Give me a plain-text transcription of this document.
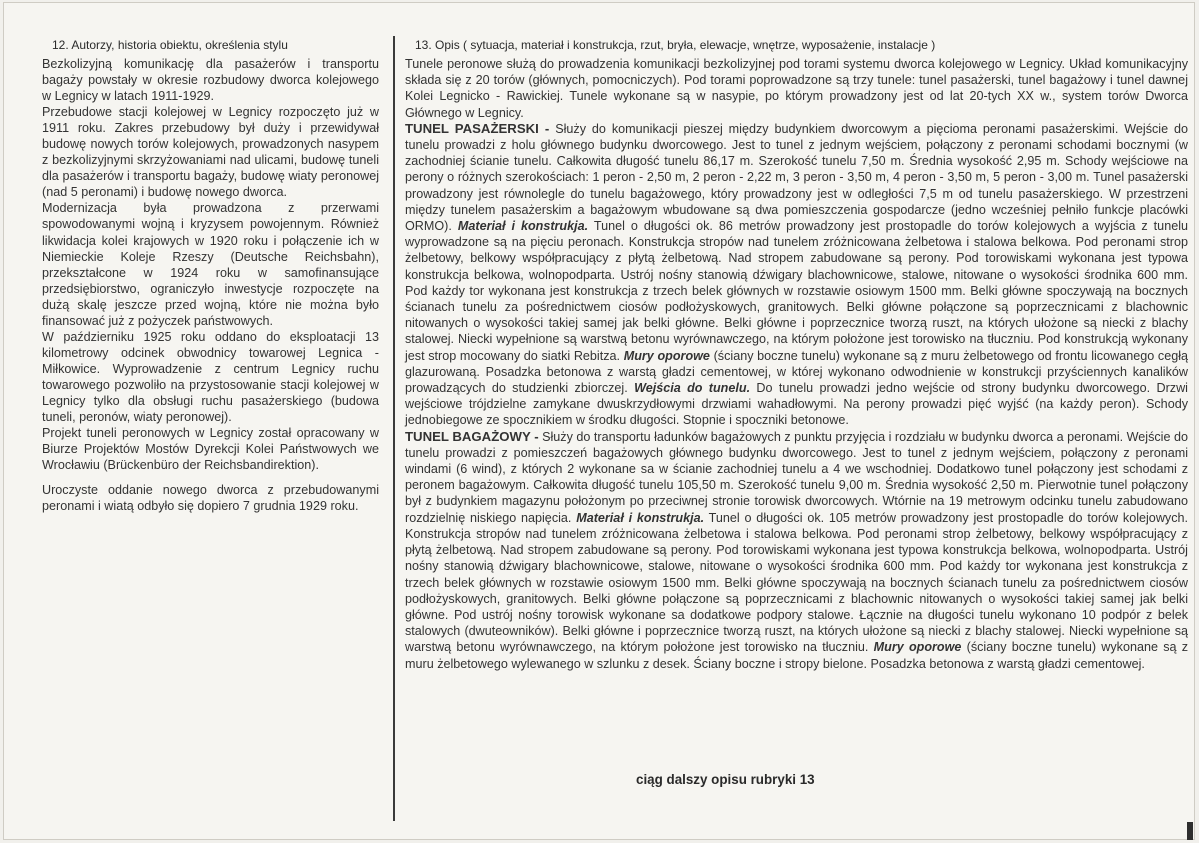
12. Autorzy, historia obiektu, określenia stylu

Bezkolizyjną komunikację dla pasażerów i transportu bagaży powstały w okresie rozbudowy dworca kolejowego w Legnicy w latach 1911-1929.

Przebudowe stacji kolejowej w Legnicy rozpoczęto już w 1911 roku. Zakres przebudowy był duży i przewidywał budowę nowych torów kolejowych, prowadzonych nasypem z bezkolizyjnymi skrzyżowaniami nad ulicami, budowę tuneli dla pasażerów i transportu bagaży, budowę wiaty peronowej (nad 5 peronami) i budowę nowego dworca.

Modernizacja była prowadzona z przerwami spowodowanymi wojną i kryzysem powojennym. Również likwidacja kolei krajowych w 1920 roku i połączenie ich w Niemieckie Koleje Rzeszy (Deutsche Reichsbahn), przekształcone w 1924 roku w samofinansujące przedsiębiorstwo, ograniczyło inwestycje rozpoczęte na dużą skalę jeszcze przed wojną, które nie można było finansować już z pożyczek państwowych.

W październiku 1925 roku oddano do eksploatacji 13 kilometrowy odcinek obwodnicy towarowej Legnica - Miłkowice. Wyprowadzenie z centrum Legnicy ruchu towarowego pozwoliło na przystosowanie stacji kolejowej w Legnicy tylko dla obsługi ruchu pasażerskiego (budowa tuneli, peronów, wiaty peronowej).

Projekt tuneli peronowych w Legnicy został opracowany w Biurze Projektów Mostów Dyrekcji Kolei Państwowych we Wrocławiu (Brückenbüro der Reichsbandirektion).

Uroczyste oddanie nowego dworca z przebudowanymi peronami i wiatą odbyło się dopiero 7 grudnia 1929 roku.

13. Opis ( sytuacja, materiał i konstrukcja, rzut, bryła, elewacje, wnętrze, wyposażenie, instalacje )

Tunele peronowe służą do prowadzenia komunikacji bezkolizyjnej pod torami systemu dworca kolejowego w Legnicy. Układ komunikacyjny składa się z 20 torów (głównych, pomocniczych). Pod torami poprowadzone są trzy tunele: tunel pasażerski, tunel bagażowy i tunel dawnej Kolei Legnicko - Rawickiej. Tunele wykonane są w nasypie, po którym prowadzony jest od lat 20-tych XX w., system torów Dworca Głównego w Legnicy.

TUNEL PASAŻERSKI - Służy do komunikacji pieszej między budynkiem dworcowym a pięcioma peronami pasażerskimi. Wejście do tunelu prowadzi z holu głównego budynku dworcowego. Jest to tunel z jednym wejściem, połączony z peronami schodami bocznymi (w zachodniej ścianie tunelu. Całkowita długość tunelu 86,17 m. Szerokość tunelu 7,50 m. Średnia wysokość 2,95 m. Schody wejściowe na perony o różnych szerokościach: 1 peron - 2,50 m, 2 peron - 2,22 m, 3 peron - 3,50 m, 4 peron - 3,50 m, 5 peron - 3,00 m. Tunel pasażerski prowadzony jest równolegle do tunelu bagażowego, który prowadzony jest w odległości 7,5 m od tunelu pasażerskiego. W przestrzeni między tunelem pasażerskim a bagażowym wbudowane są dwa pomieszczenia gospodarcze (jedno wcześniej pełniło funkcje placówki ORMO). Materiał i konstrukja. Tunel o długości ok. 86 metrów prowadzony jest prostopadle do torów kolejowych a wyjścia z tunelu wyprowadzone są na pięciu peronach. Konstrukcja stropów nad tunelem zróżnicowana żelbetowa i stalowa belkowa. Pod peronami strop żelbetowy, belkowy współpracujący z płytą żelbetową. Nad stropem zabudowane są perony. Pod torowiskami wykonana jest typowa konstrukcja belkowa, wolnopodparta. Ustrój nośny stanowią dźwigary blachownicowe, stalowe, nitowane o wysokości środnika 600 mm. Pod każdy tor wykonana jest konstrukcja z trzech belek głównych w rozstawie osiowym 1500 mm. Belki główne spoczywają na bocznych ścianach tunelu za pośrednictwem ciosów podłożyskowych, granitowych. Belki główne połączone są poprzecznicami z blachownic nitowanych o wysokości takiej samej jak belki główne. Belki główne i poprzecznice tworzą ruszt, na których ułożone są niecki z blachy stalowej. Niecki wypełnione są warstwą betonu wyrównawczego, na którym położone jest torowisko na tłuczniu. Pod konstrukcją wykonany jest strop mocowany do siatki Rebitza. Mury oporowe (ściany boczne tunelu) wykonane są z muru żelbetowego od frontu licowanego cegłą glazurowaną. Posadzka betonowa z warstą gładzi cementowej, w której wykonano odwodnienie w konstrukcji przyściennych kanalików prowadzących do studzienki zbiorczej. Wejścia do tunelu. Do tunelu prowadzi jedno wejście od strony budynku dworcowego. Drzwi wejściowe trójdzielne zamykane dwuskrzydłowymi drzwiami wahadłowymi. Na perony prowadzi pięć wyjść (na każdy peron). Schody jednobiegowe ze spocznikiem w środku długości. Stopnie i spoczniki betonowe.

TUNEL BAGAŻOWY - Służy do transportu ładunków bagażowych z punktu przyjęcia i rozdziału w budynku dworca a peronami. Wejście do tunelu prowadzi z pomieszczeń bagażowych głównego budynku dworcowego. Jest to tunel z jednym wejściem, połączony z peronami windami (6 wind), z których 2 wykonane sa w ścianie zachodniej tunelu a 4 we wschodniej. Dodatkowo tunel połączony jest schodami z peronem bagażowym. Całkowita długość tunelu 105,50 m. Szerokość tunelu 9,00 m. Średnia wysokość 2,50 m. Pierwotnie tunel połączony był z budynkiem magazynu położonym po przeciwnej stronie torowisk dworcowych. Wtórnie na 19 metrowym odcinku tunelu zabudowano rozdzielnię niskiego napięcia. Materiał i konstrukja. Tunel o długości ok. 105 metrów prowadzony jest prostopadle do torów kolejowych. Konstrukcja stropów nad tunelem zróżnicowana żelbetowa i stalowa belkowa. Pod peronami strop żelbetowy, belkowy współpracujący z płytą żelbetową. Nad stropem zabudowane są perony. Pod torowiskami wykonana jest typowa konstrukcja belkowa, wolnopodparta. Ustrój nośny stanowią dźwigary blachownicowe, stalowe, nitowane o wysokości środnika 600 mm. Pod każdy tor wykonana jest konstrukcja z trzech belek głównych w rozstawie osiowym 1500 mm. Belki główne spoczywają na bocznych ścianach tunelu za pośrednictwem ciosów podłożyskowych, granitowych. Belki główne połączone są poprzecznicami z blachownic nitowanych o wysokości takiej samej jak belki główne. Pod ustrój nośny torowisk wykonane sa dodatkowe podpory stalowe. Łącznie na długości tunelu wykonano 10 podpór z belek stalowych (dwuteowników). Belki główne i poprzecznice tworzą ruszt, na których ułożone są niecki z blachy stalowej. Niecki wypełnione są warstwą betonu wyrównawczego, na którym położone jest torowisko na tłuczniu. Mury oporowe (ściany boczne tunelu) wykonane są z muru żelbetowego wylewanego w szlunku z desek. Ściany boczne i stropy bielone. Posadzka betonowa z warstą gładzi cementowej.

ciąg dalszy opisu rubryki 13
